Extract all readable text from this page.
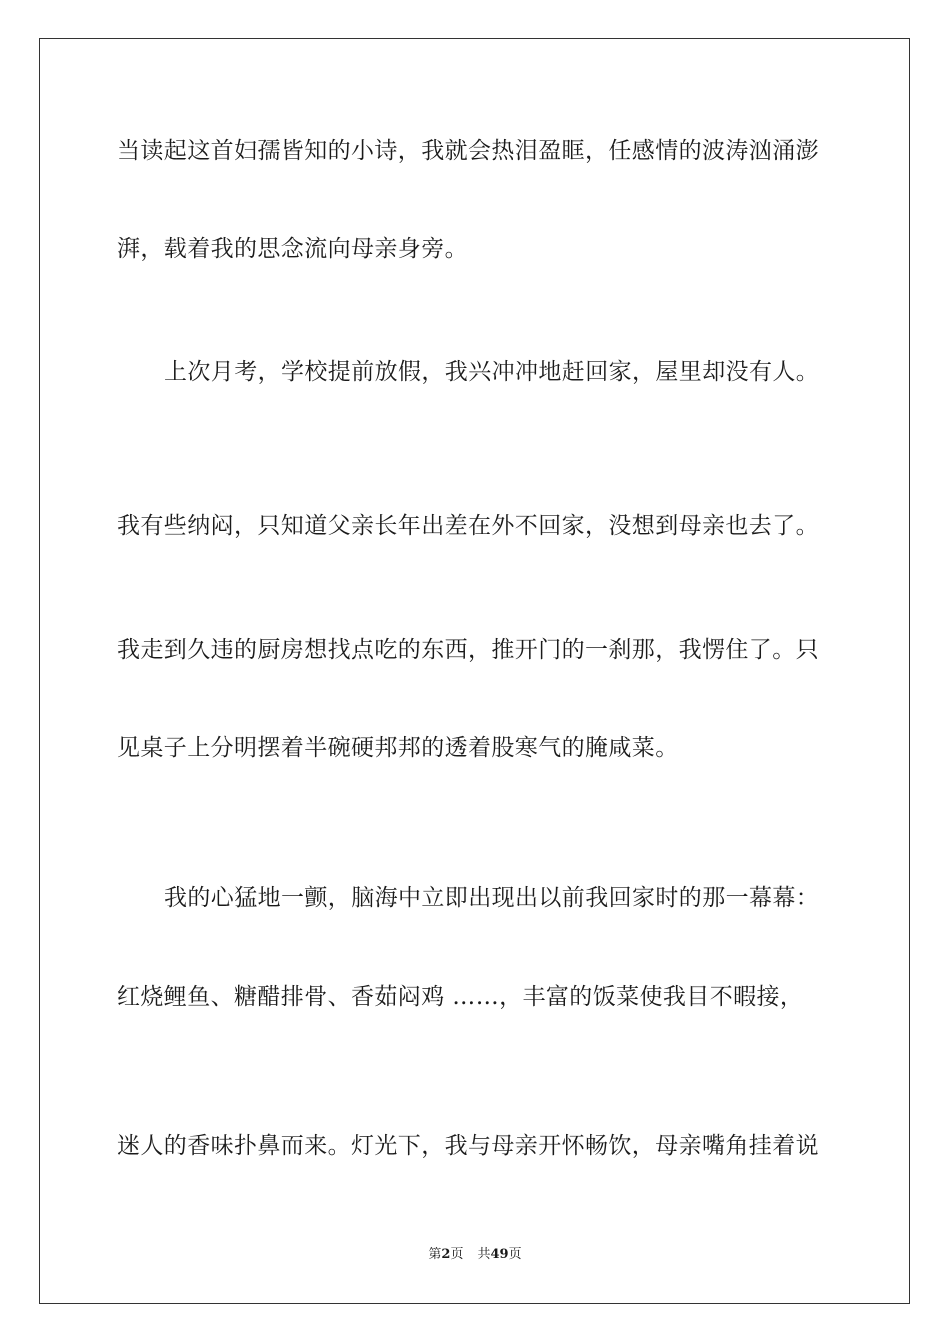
当读起这首妇孺皆知的小诗，我就会热泪盈眶，任感情的波涛汹涌澎
湃，载着我的思念流向母亲身旁。
上次月考，学校提前放假，我兴冲冲地赶回家，屋里却没有人。
我有些纳闷，只知道父亲长年出差在外不回家，没想到母亲也去了。
我走到久违的厨房想找点吃的东西，推开门的一刹那，我愣住了。只
见桌子上分明摆着半碗硬邦邦的透着股寒气的腌咸菜。
我的心猛地一颤，脑海中立即出现出以前我回家时的那一幕幕：
红烧鲤鱼、糖醋排骨、香茹闷鸡 ……，丰富的饭菜使我目不暇接，
迷人的香味扑鼻而来。灯光下，我与母亲开怀畅饮，母亲嘴角挂着说
第2页 共49页
